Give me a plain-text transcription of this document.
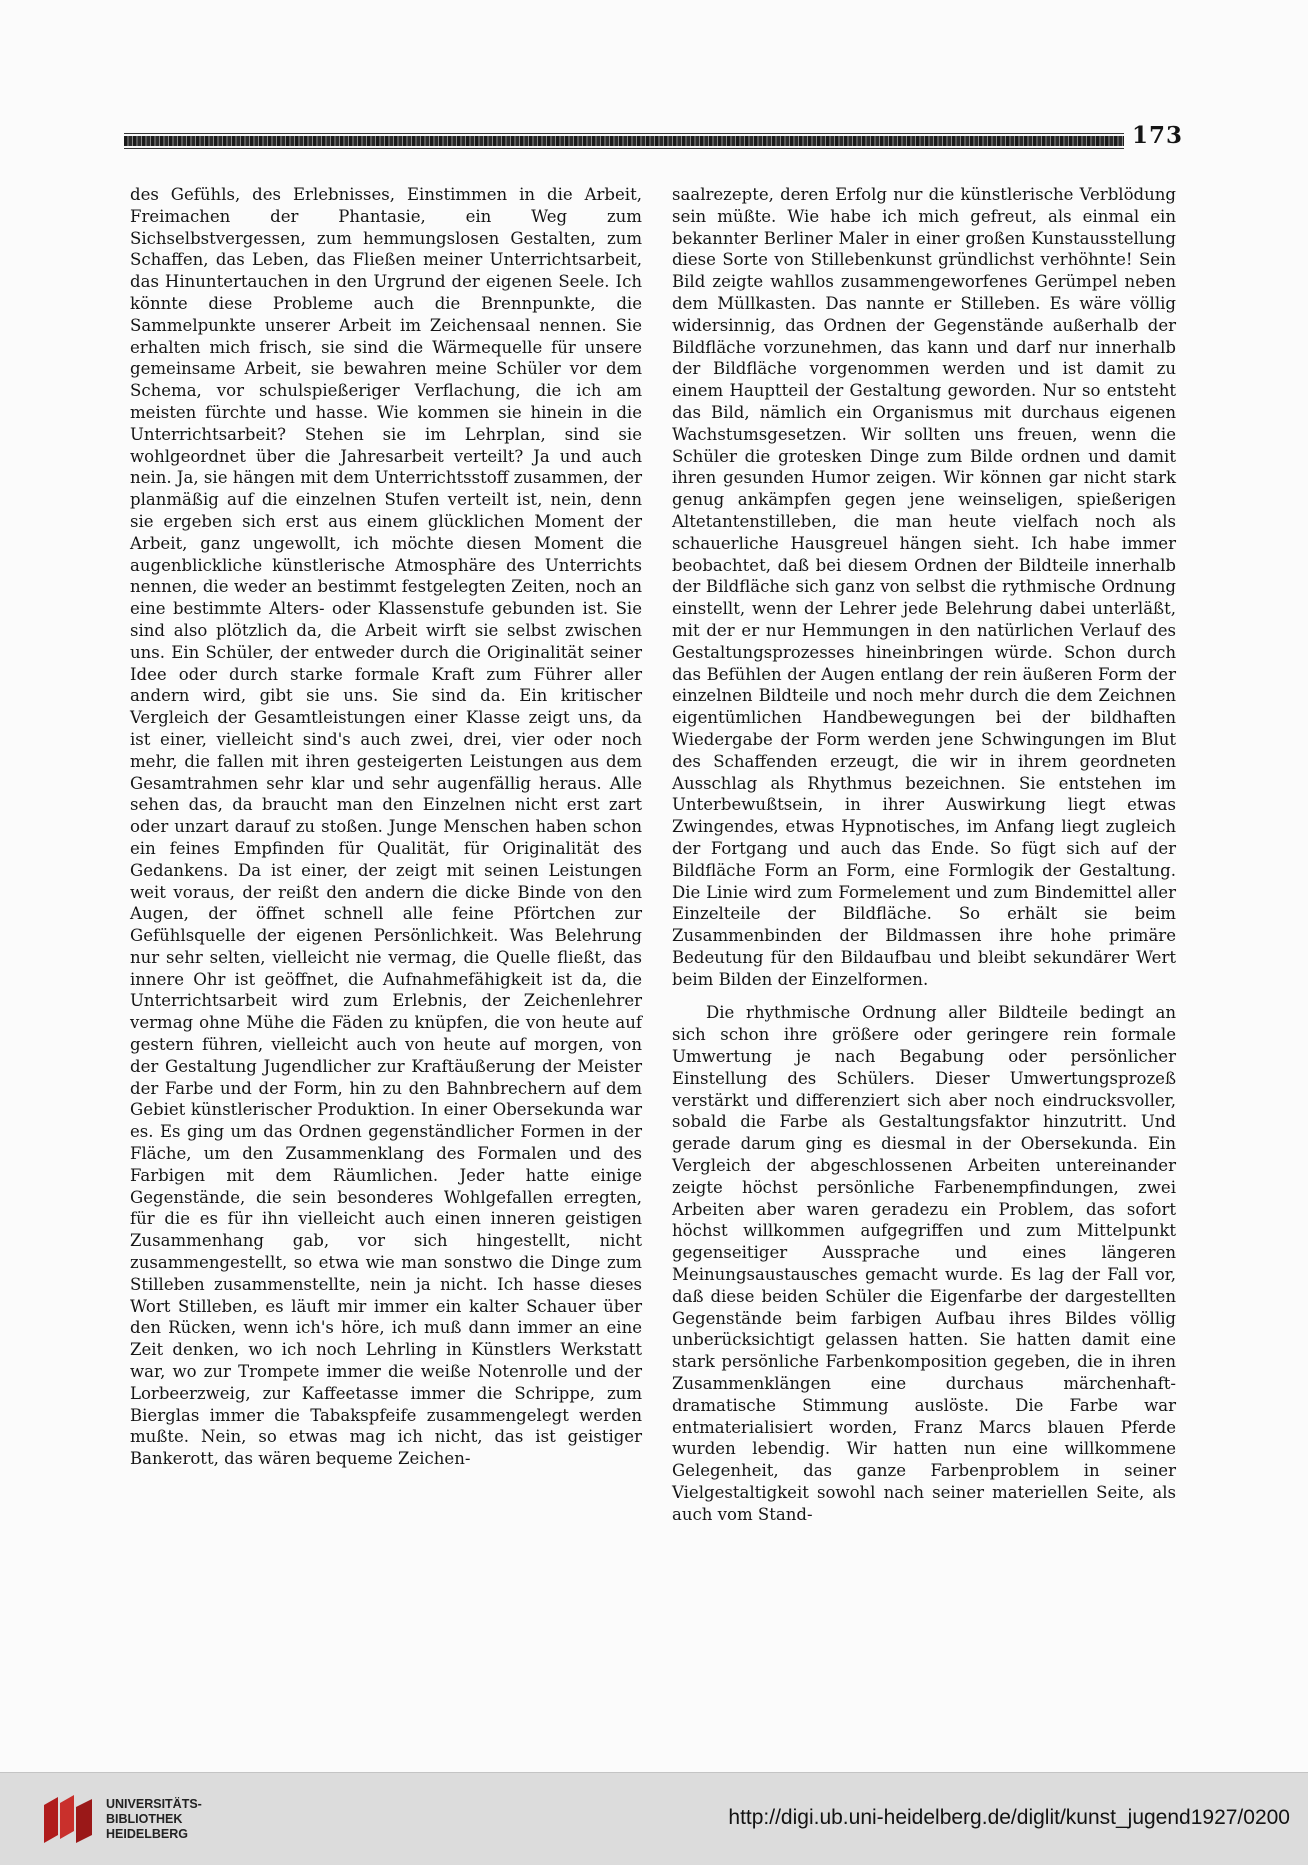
173

des Gefühls, des Erlebnisses, Einstimmen in die Arbeit, Freimachen der Phantasie, ein Weg zum Sichselbstvergessen, zum hemmungslosen Gestalten, zum Schaffen, das Leben, das Fließen meiner Unterrichtsarbeit, das Hinuntertauchen in den Urgrund der eigenen Seele. Ich könnte diese Probleme auch die Brennpunkte, die Sammelpunkte unserer Arbeit im Zeichensaal nennen. Sie erhalten mich frisch, sie sind die Wärmequelle für unsere gemeinsame Arbeit, sie bewahren meine Schüler vor dem Schema, vor schulspießeriger Verflachung, die ich am meisten fürchte und hasse. Wie kommen sie hinein in die Unterrichtsarbeit? Stehen sie im Lehrplan, sind sie wohlgeordnet über die Jahresarbeit verteilt? Ja und auch nein. Ja, sie hängen mit dem Unterrichtsstoff zusammen, der planmäßig auf die einzelnen Stufen verteilt ist, nein, denn sie ergeben sich erst aus einem glücklichen Moment der Arbeit, ganz ungewollt, ich möchte diesen Moment die augenblickliche künstlerische Atmosphäre des Unterrichts nennen, die weder an bestimmt festgelegten Zeiten, noch an eine bestimmte Alters- oder Klassenstufe gebunden ist. Sie sind also plötzlich da, die Arbeit wirft sie selbst zwischen uns. Ein Schüler, der entweder durch die Originalität seiner Idee oder durch starke formale Kraft zum Führer aller andern wird, gibt sie uns. Sie sind da. Ein kritischer Vergleich der Gesamtleistungen einer Klasse zeigt uns, da ist einer, vielleicht sind's auch zwei, drei, vier oder noch mehr, die fallen mit ihren gesteigerten Leistungen aus dem Gesamtrahmen sehr klar und sehr augenfällig heraus. Alle sehen das, da braucht man den Einzelnen nicht erst zart oder unzart darauf zu stoßen. Junge Menschen haben schon ein feines Empfinden für Qualität, für Originalität des Gedankens. Da ist einer, der zeigt mit seinen Leistungen weit voraus, der reißt den andern die dicke Binde von den Augen, der öffnet schnell alle feine Pförtchen zur Gefühlsquelle der eigenen Persönlichkeit. Was Belehrung nur sehr selten, vielleicht nie vermag, die Quelle fließt, das innere Ohr ist geöffnet, die Aufnahmefähigkeit ist da, die Unterrichtsarbeit wird zum Erlebnis, der Zeichenlehrer vermag ohne Mühe die Fäden zu knüpfen, die von heute auf gestern führen, vielleicht auch von heute auf morgen, von der Gestaltung Jugendlicher zur Kraftäußerung der Meister der Farbe und der Form, hin zu den Bahnbrechern auf dem Gebiet künstlerischer Produktion. In einer Obersekunda war es. Es ging um das Ordnen gegenständlicher Formen in der Fläche, um den Zusammenklang des Formalen und des Farbigen mit dem Räumlichen. Jeder hatte einige Gegenstände, die sein besonderes Wohlgefallen erregten, für die es für ihn vielleicht auch einen inneren geistigen Zusammenhang gab, vor sich hingestellt, nicht zusammengestellt, so etwa wie man sonstwo die Dinge zum Stilleben zusammenstellte, nein ja nicht. Ich hasse dieses Wort Stilleben, es läuft mir immer ein kalter Schauer über den Rücken, wenn ich's höre, ich muß dann immer an eine Zeit denken, wo ich noch Lehrling in Künstlers Werkstatt war, wo zur Trompete immer die weiße Notenrolle und der Lorbeerzweig, zur Kaffeetasse immer die Schrippe, zum Bierglas immer die Tabakspfeife zusammengelegt werden mußte. Nein, so etwas mag ich nicht, das ist geistiger Bankerott, das wären bequeme Zeichen-

saalrezepte, deren Erfolg nur die künstlerische Verblödung sein müßte. Wie habe ich mich gefreut, als einmal ein bekannter Berliner Maler in einer großen Kunstausstellung diese Sorte von Stillebenkunst gründlichst verhöhnte! Sein Bild zeigte wahllos zusammengeworfenes Gerümpel neben dem Müllkasten. Das nannte er Stilleben. Es wäre völlig widersinnig, das Ordnen der Gegenstände außerhalb der Bildfläche vorzunehmen, das kann und darf nur innerhalb der Bildfläche vorgenommen werden und ist damit zu einem Hauptteil der Gestaltung geworden. Nur so entsteht das Bild, nämlich ein Organismus mit durchaus eigenen Wachstumsgesetzen. Wir sollten uns freuen, wenn die Schüler die grotesken Dinge zum Bilde ordnen und damit ihren gesunden Humor zeigen. Wir können gar nicht stark genug ankämpfen gegen jene weinseligen, spießerigen Altetantenstilleben, die man heute vielfach noch als schauerliche Hausgreuel hängen sieht. Ich habe immer beobachtet, daß bei diesem Ordnen der Bildteile innerhalb der Bildfläche sich ganz von selbst die rythmische Ordnung einstellt, wenn der Lehrer jede Belehrung dabei unterläßt, mit der er nur Hemmungen in den natürlichen Verlauf des Gestaltungsprozesses hineinbringen würde. Schon durch das Befühlen der Augen entlang der rein äußeren Form der einzelnen Bildteile und noch mehr durch die dem Zeichnen eigentümlichen Handbewegungen bei der bildhaften Wiedergabe der Form werden jene Schwingungen im Blut des Schaffenden erzeugt, die wir in ihrem geordneten Ausschlag als Rhythmus bezeichnen. Sie entstehen im Unterbewußtsein, in ihrer Auswirkung liegt etwas Zwingendes, etwas Hypnotisches, im Anfang liegt zugleich der Fortgang und auch das Ende. So fügt sich auf der Bildfläche Form an Form, eine Formlogik der Gestaltung. Die Linie wird zum Formelement und zum Bindemittel aller Einzelteile der Bildfläche. So erhält sie beim Zusammenbinden der Bildmassen ihre hohe primäre Bedeutung für den Bildaufbau und bleibt sekundärer Wert beim Bilden der Einzelformen.

Die rhythmische Ordnung aller Bildteile bedingt an sich schon ihre größere oder geringere rein formale Umwertung je nach Begabung oder persönlicher Einstellung des Schülers. Dieser Umwertungsprozeß verstärkt und differenziert sich aber noch eindrucksvoller, sobald die Farbe als Gestaltungsfaktor hinzutritt. Und gerade darum ging es diesmal in der Obersekunda. Ein Vergleich der abgeschlossenen Arbeiten untereinander zeigte höchst persönliche Farbenempfindungen, zwei Arbeiten aber waren geradezu ein Problem, das sofort höchst willkommen aufgegriffen und zum Mittelpunkt gegenseitiger Aussprache und eines längeren Meinungsaustausches gemacht wurde. Es lag der Fall vor, daß diese beiden Schüler die Eigenfarbe der dargestellten Gegenstände beim farbigen Aufbau ihres Bildes völlig unberücksichtigt gelassen hatten. Sie hatten damit eine stark persönliche Farbenkomposition gegeben, die in ihren Zusammenklängen eine durchaus märchenhaft-dramatische Stimmung auslöste. Die Farbe war entmaterialisiert worden, Franz Marcs blauen Pferde wurden lebendig. Wir hatten nun eine willkommene Gelegenheit, das ganze Farbenproblem in seiner Vielgestaltigkeit sowohl nach seiner materiellen Seite, als auch vom Stand-

UNIVERSITÄTS-
BIBLIOTHEK
HEIDELBERG
http://digi.ub.uni-heidelberg.de/diglit/kunst_jugend1927/0200
